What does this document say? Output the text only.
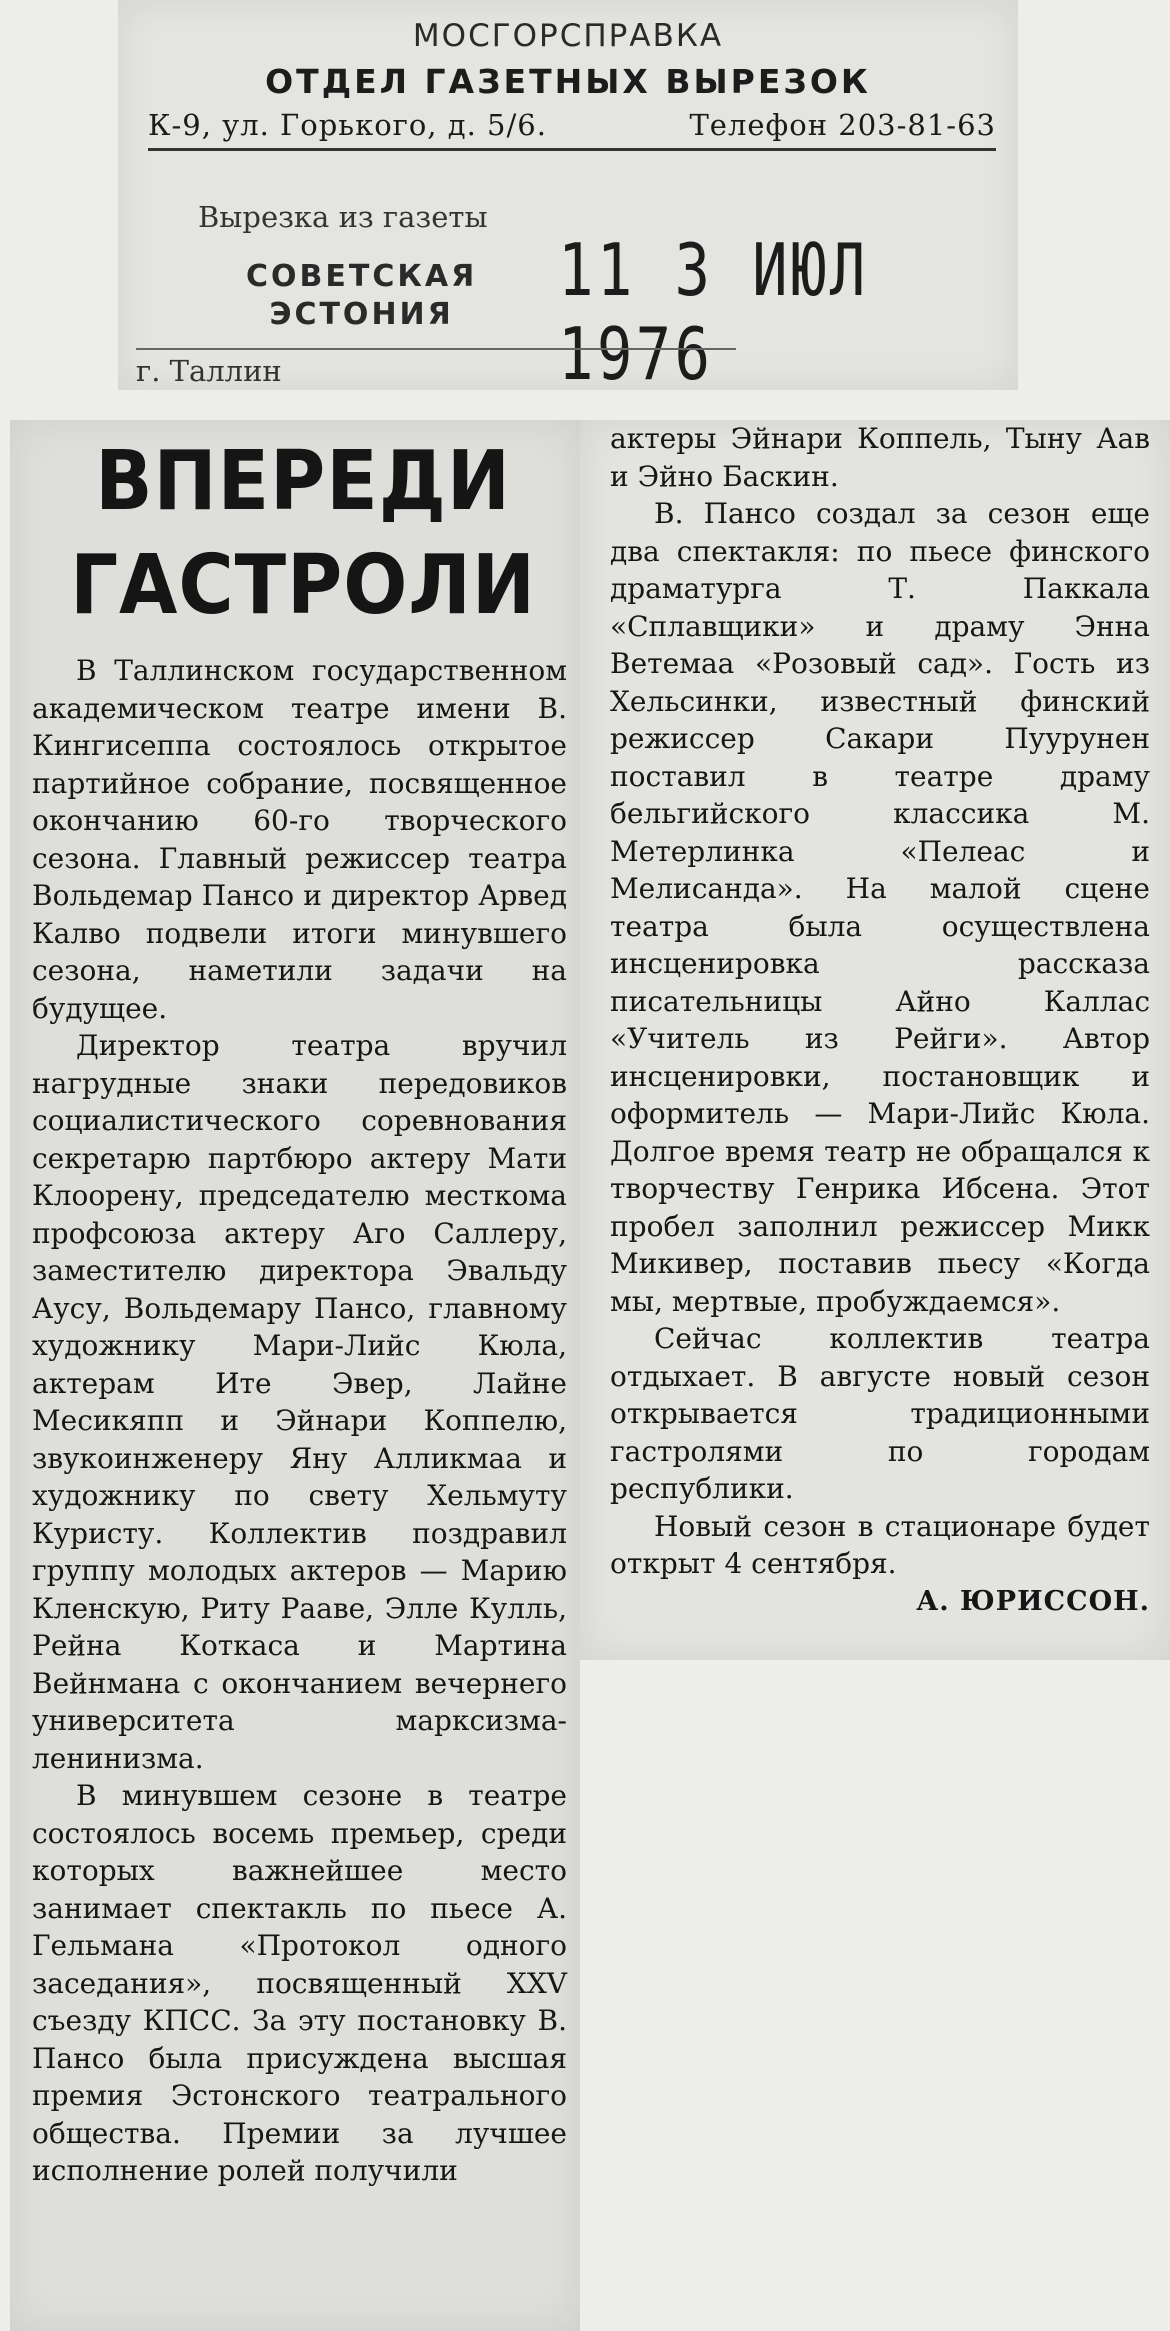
МОСГОРСПРАВКА
ОТДЕЛ ГАЗЕТНЫХ ВЫРЕЗОК
К-9, ул. Горького, д. 5/6.	Телефон 203-81-63
Вырезка из газеты
СОВЕТСКАЯ
ЭСТОНИЯ
11 3 ИЮЛ 1976
г. Таллин
ВПЕРЕДИ
ГАСТРОЛИ

В Таллинском государственном академическом театре имени В. Кингисеппа состоялось открытое партийное собрание, посвященное окончанию 60-го творческого сезона. Главный режиссер театра Вольдемар Пансо и директор Арвед Калво подвели итоги минувшего сезона, наметили задачи на будущее.

Директор театра вручил нагрудные знаки передовиков социалистического соревнования секретарю партбюро актеру Мати Клоорену, председателю месткома профсоюза актеру Аго Саллеру, заместителю директора Эвальду Аусу, Вольдемару Пансо, главному художнику Мари-Лийс Кюла, актерам Ите Эвер, Лайне Месикяпп и Эйнари Коппелю, звукоинженеру Яну Алликмаа и художнику по свету Хельмуту Куристу. Коллектив поздравил группу молодых актеров — Марию Кленскую, Риту Рааве, Элле Кулль, Рейна Коткаса и Мартина Вейнмана с окончанием вечернего университета марксизма-ленинизма.

В минувшем сезоне в театре состоялось восемь премьер, среди которых важнейшее место занимает спектакль по пьесе А. Гельмана «Протокол одного заседания», посвященный XXV съезду КПСС. За эту постановку В. Пансо была присуждена высшая премия Эстонского театрального общества. Премии за лучшее исполнение ролей получили

актеры Эйнари Коппель, Тыну Аав и Эйно Баскин.

В. Пансо создал за сезон еще два спектакля: по пьесе финского драматурга Т. Паккала «Сплавщики» и драму Энна Ветемаа «Розовый сад». Гость из Хельсинки, известный финский режиссер Сакари Пуурунен поставил в театре драму бельгийского классика М. Метерлинка «Пелеас и Мелисанда». На малой сцене театра была осуществлена инсценировка рассказа писательницы Айно Каллас «Учитель из Рейги». Автор инсценировки, постановщик и оформитель — Мари-Лийс Кюла. Долгое время театр не обращался к творчеству Генрика Ибсена. Этот пробел заполнил режиссер Микк Микивер, поставив пьесу «Когда мы, мертвые, пробуждаемся».

Сейчас коллектив театра отдыхает. В августе новый сезон открывается традиционными гастролями по городам республики.

Новый сезон в стационаре будет открыт 4 сентября.

А. ЮРИССОН.
